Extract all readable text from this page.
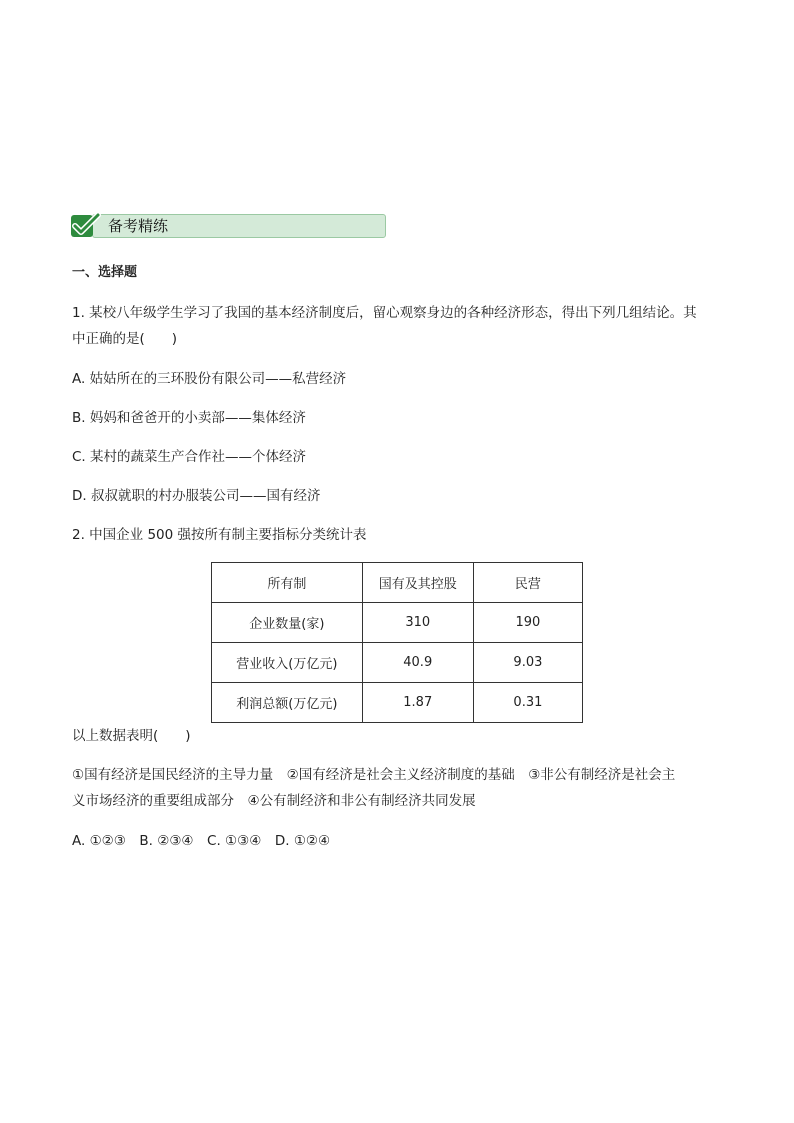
备考精练
一、选择题
1. 某校八年级学生学习了我国的基本经济制度后，留心观察身边的各种经济形态，得出下列几组结论。其
中正确的是(　　)
A. 姑姑所在的三环股份有限公司——私营经济
B. 妈妈和爸爸开的小卖部——集体经济
C. 某村的蔬菜生产合作社——个体经济
D. 叔叔就职的村办服装公司——国有经济
2. 中国企业 500 强按所有制主要指标分类统计表
所有制	国有及其控股	民营
企业数量(家)	310	190
营业收入(万亿元)	40.9	9.03
利润总额(万亿元)	1.87	0.31
以上数据表明(　　)
①国有经济是国民经济的主导力量　②国有经济是社会主义经济制度的基础　③非公有制经济是社会主
义市场经济的重要组成部分　④公有制经济和非公有制经济共同发展
A. ①②③　B. ②③④　C. ①③④　D. ①②④
